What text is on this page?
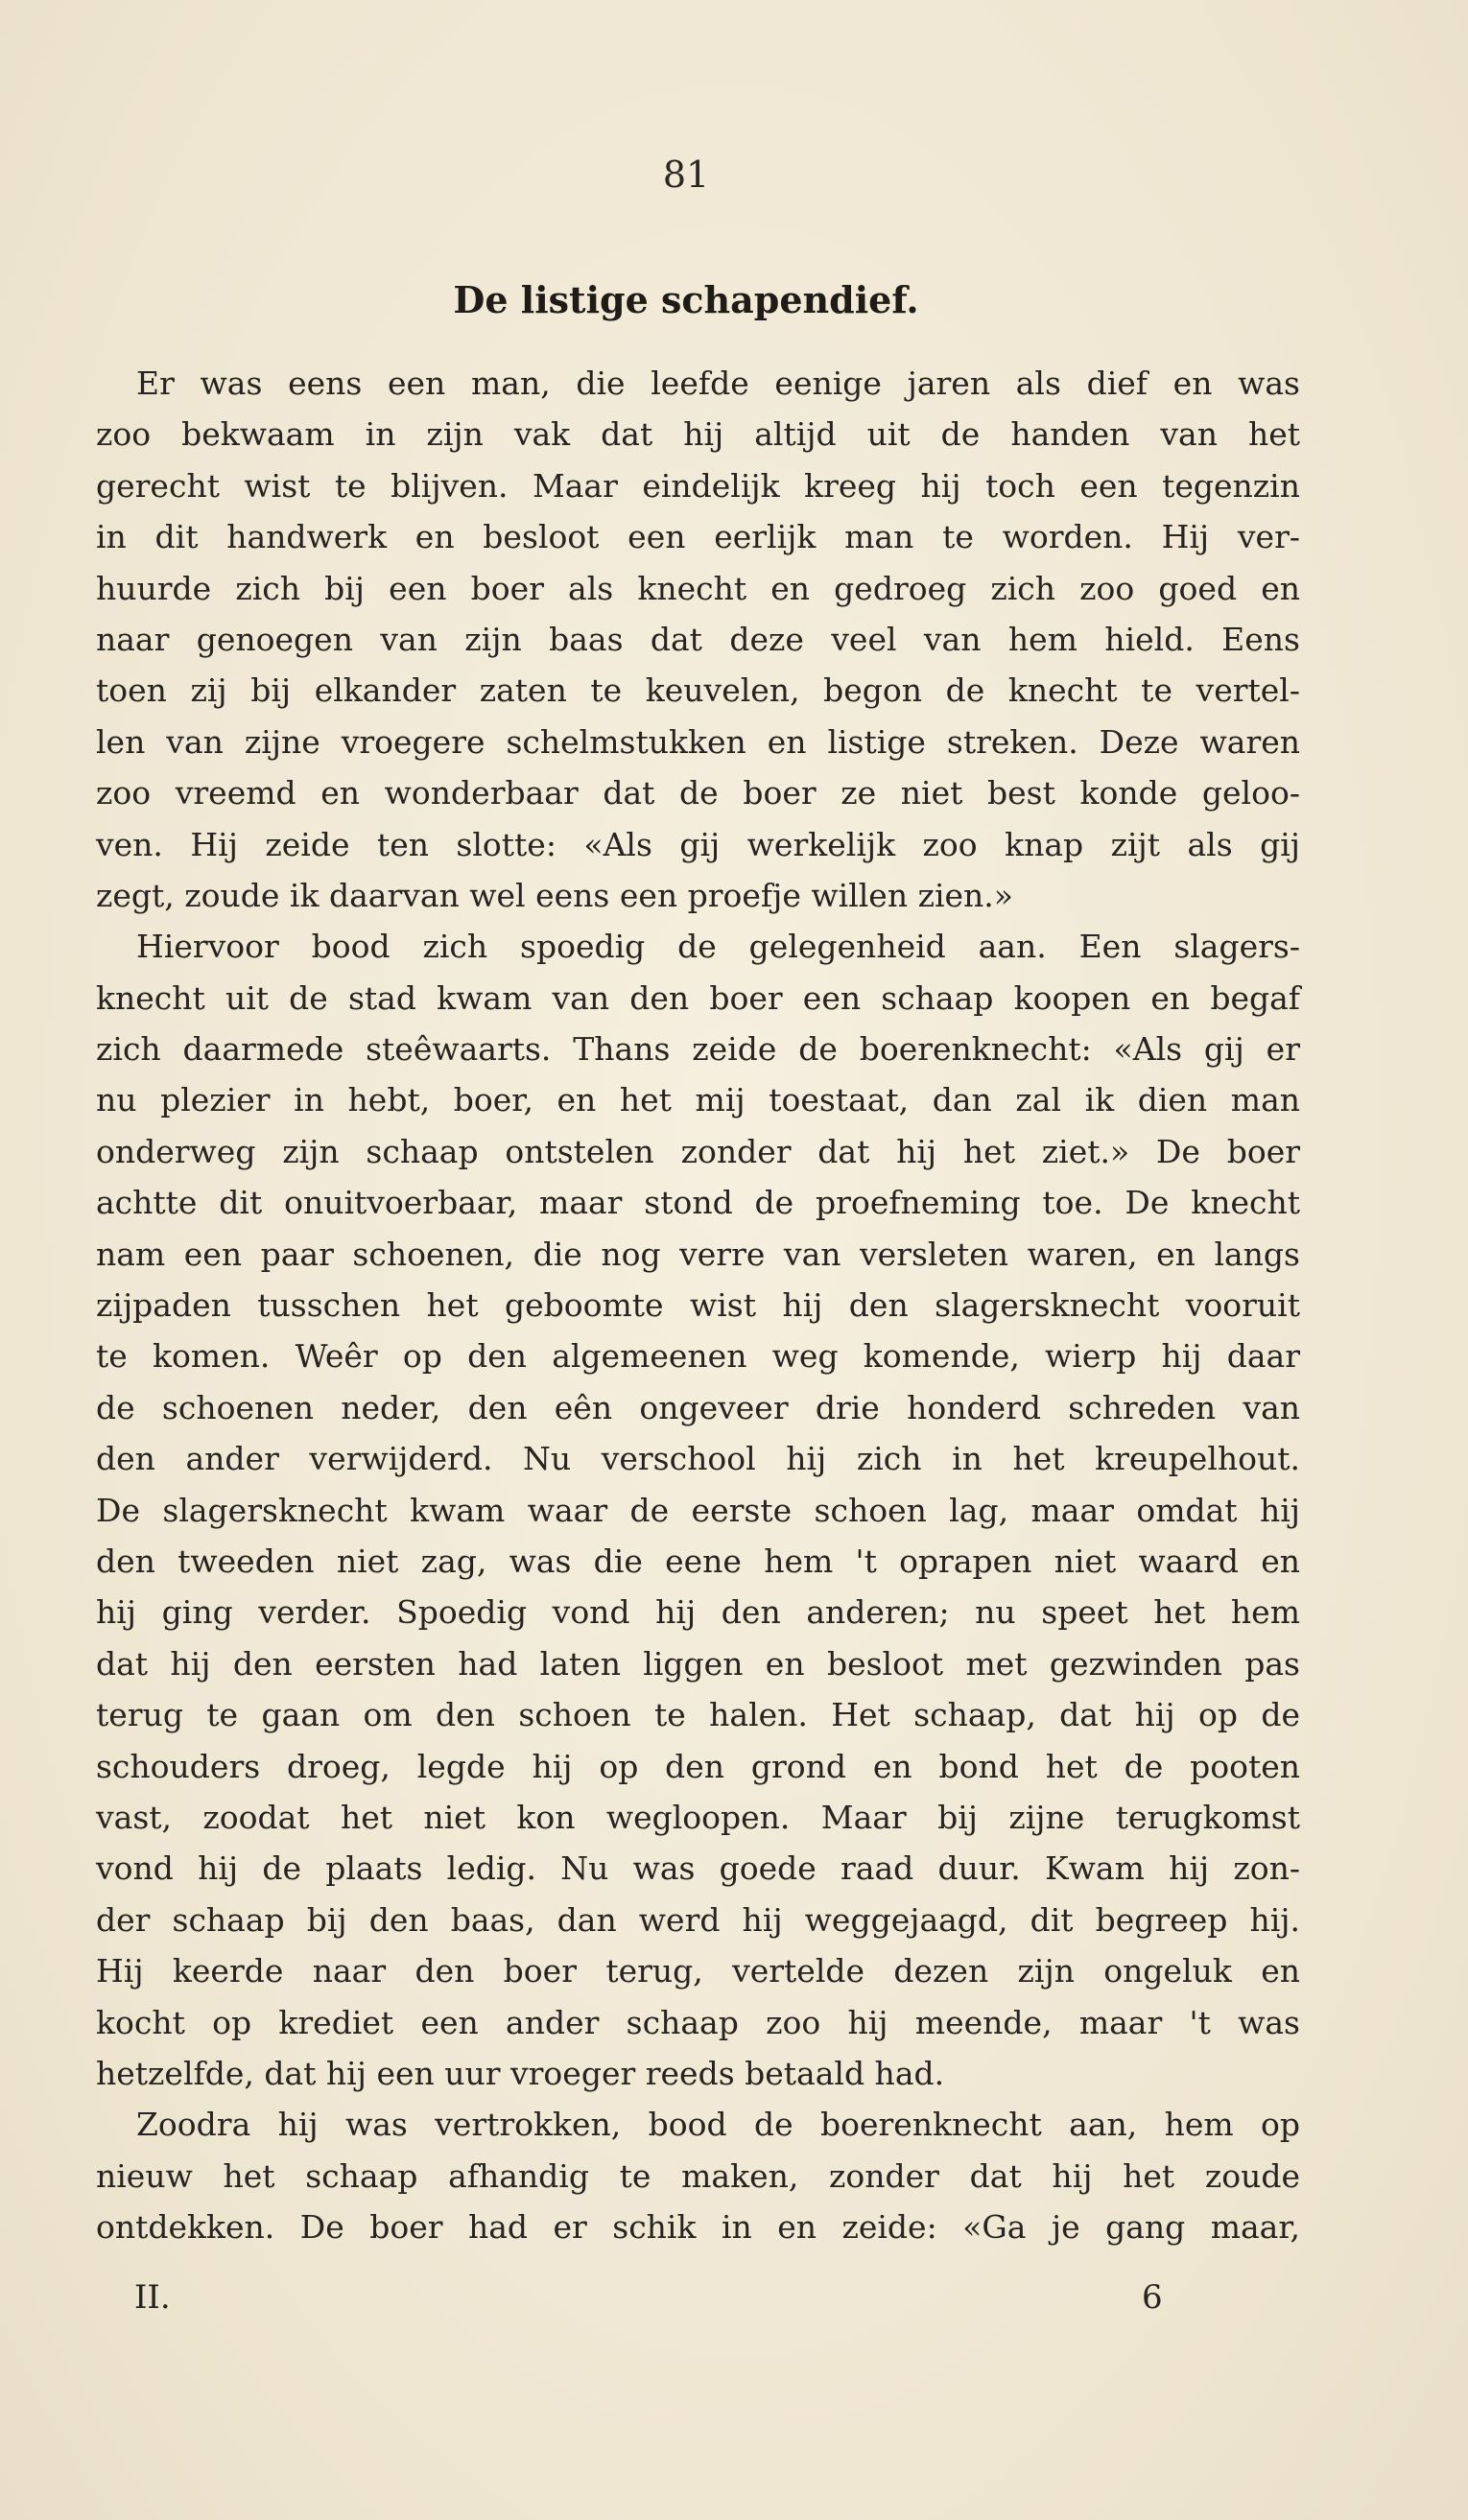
81
De listige schapendief.
Er was eens een man, die leefde eenige jaren als dief en was
zoo bekwaam in zijn vak dat hij altijd uit de handen van het
gerecht wist te blijven. Maar eindelijk kreeg hij toch een tegenzin
in dit handwerk en besloot een eerlijk man te worden. Hij ver-
huurde zich bij een boer als knecht en gedroeg zich zoo goed en
naar genoegen van zijn baas dat deze veel van hem hield. Eens
toen zij bij elkander zaten te keuvelen, begon de knecht te vertel-
len van zijne vroegere schelmstukken en listige streken. Deze waren
zoo vreemd en wonderbaar dat de boer ze niet best konde geloo-
ven. Hij zeide ten slotte: «Als gij werkelijk zoo knap zijt als gij
zegt, zoude ik daarvan wel eens een proefje willen zien.»
Hiervoor bood zich spoedig de gelegenheid aan. Een slagers-
knecht uit de stad kwam van den boer een schaap koopen en begaf
zich daarmede steêwaarts. Thans zeide de boerenknecht: «Als gij er
nu plezier in hebt, boer, en het mij toestaat, dan zal ik dien man
onderweg zijn schaap ontstelen zonder dat hij het ziet.» De boer
achtte dit onuitvoerbaar, maar stond de proefneming toe. De knecht
nam een paar schoenen, die nog verre van versleten waren, en langs
zijpaden tusschen het geboomte wist hij den slagersknecht vooruit
te komen. Weêr op den algemeenen weg komende, wierp hij daar
de schoenen neder, den eên ongeveer drie honderd schreden van
den ander verwijderd. Nu verschool hij zich in het kreupelhout.
De slagersknecht kwam waar de eerste schoen lag, maar omdat hij
den tweeden niet zag, was die eene hem 't oprapen niet waard en
hij ging verder. Spoedig vond hij den anderen; nu speet het hem
dat hij den eersten had laten liggen en besloot met gezwinden pas
terug te gaan om den schoen te halen. Het schaap, dat hij op de
schouders droeg, legde hij op den grond en bond het de pooten
vast, zoodat het niet kon wegloopen. Maar bij zijne terugkomst
vond hij de plaats ledig. Nu was goede raad duur. Kwam hij zon-
der schaap bij den baas, dan werd hij weggejaagd, dit begreep hij.
Hij keerde naar den boer terug, vertelde dezen zijn ongeluk en
kocht op krediet een ander schaap zoo hij meende, maar 't was
hetzelfde, dat hij een uur vroeger reeds betaald had.
Zoodra hij was vertrokken, bood de boerenknecht aan, hem op
nieuw het schaap afhandig te maken, zonder dat hij het zoude
ontdekken. De boer had er schik in en zeide: «Ga je gang maar,
II.	6
